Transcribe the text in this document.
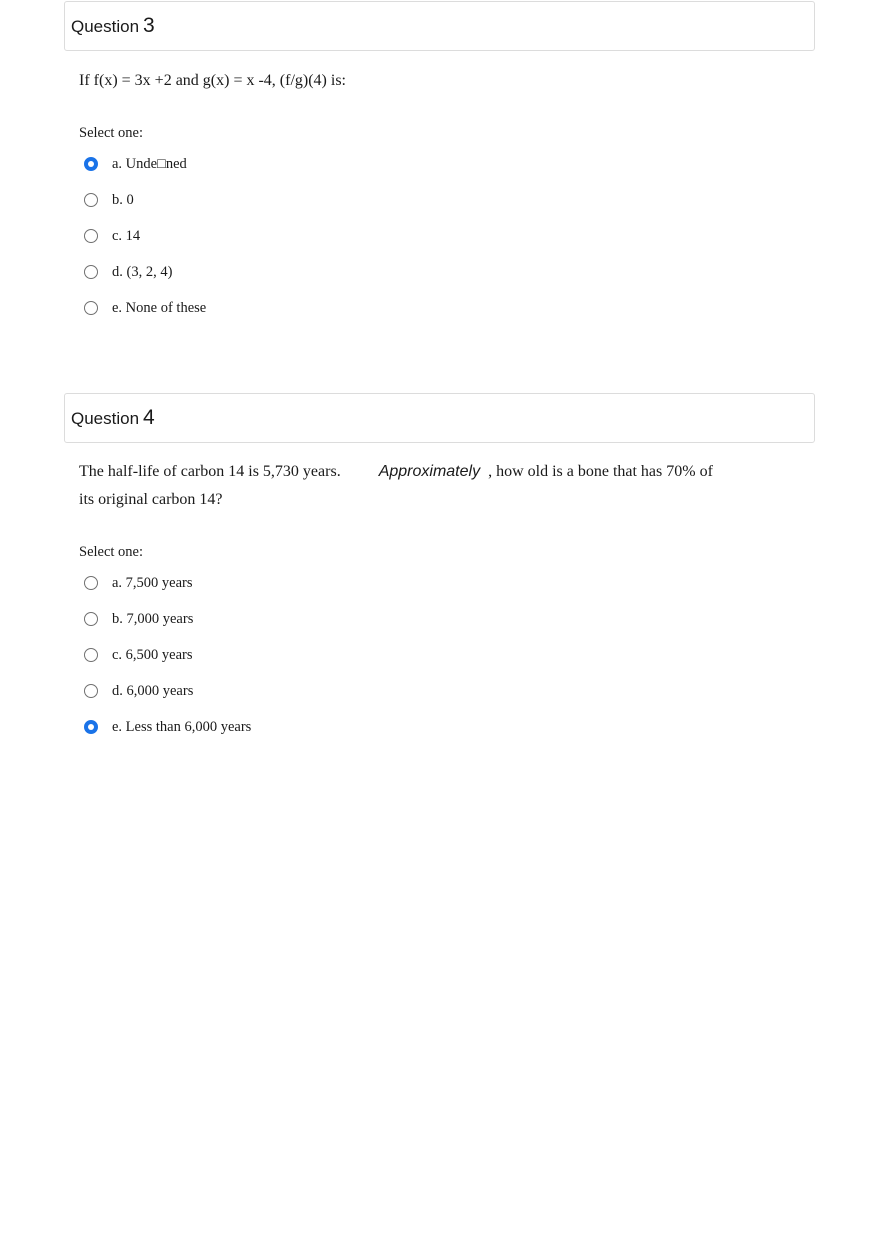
Question 3
If f(x) = 3x +2 and g(x) = x -4, (f/g)(4) is:
Select one:
a. Unde□ned
b. 0
c. 14
d. (3, 2, 4)
e. None of these
Question 4
The half-life of carbon 14 is 5,730 years. Approximately , how old is a bone that has 70% of
its original carbon 14?
Select one:
a. 7,500 years
b. 7,000 years
c. 6,500 years
d. 6,000 years
e. Less than 6,000 years
